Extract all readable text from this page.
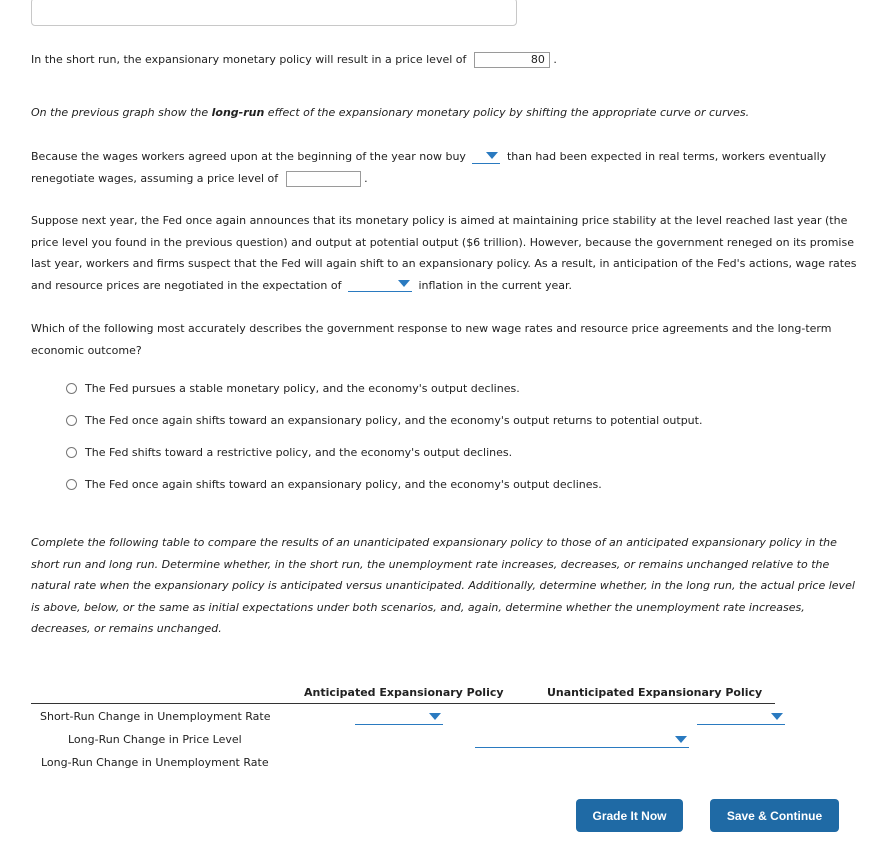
In the short run, the expansionary monetary policy will result in a price level of	80 .
On the previous graph show the long-run effect of the expansionary monetary policy by shifting the appropriate curve or curves.
Because the wages workers agreed upon at the beginning of the year now buy	than had been expected in real terms, workers eventually
renegotiate wages, assuming a price level of	.
Suppose next year, the Fed once again announces that its monetary policy is aimed at maintaining price stability at the level reached last year (the price level you found in the previous question) and output at potential output ($6 trillion). However, because the government reneged on its promise last year, workers and firms suspect that the Fed will again shift to an expansionary policy. As a result, in anticipation of the Fed's actions, wage rates and resource prices are negotiated in the expectation of	inflation in the current year.
Which of the following most accurately describes the government response to new wage rates and resource price agreements and the long-term economic outcome?
The Fed pursues a stable monetary policy, and the economy's output declines.
The Fed once again shifts toward an expansionary policy, and the economy's output returns to potential output.
The Fed shifts toward a restrictive policy, and the economy's output declines.
The Fed once again shifts toward an expansionary policy, and the economy's output declines.
Complete the following table to compare the results of an unanticipated expansionary policy to those of an anticipated expansionary policy in the short run and long run. Determine whether, in the short run, the unemployment rate increases, decreases, or remains unchanged relative to the natural rate when the expansionary policy is anticipated versus unanticipated. Additionally, determine whether, in the long run, the actual price level is above, below, or the same as initial expectations under both scenarios, and, again, determine whether the unemployment rate increases, decreases, or remains unchanged.
Anticipated Expansionary Policy	Unanticipated Expansionary Policy
Short-Run Change in Unemployment Rate
Long-Run Change in Price Level
Long-Run Change in Unemployment Rate

Grade It Now	Save & Continue
